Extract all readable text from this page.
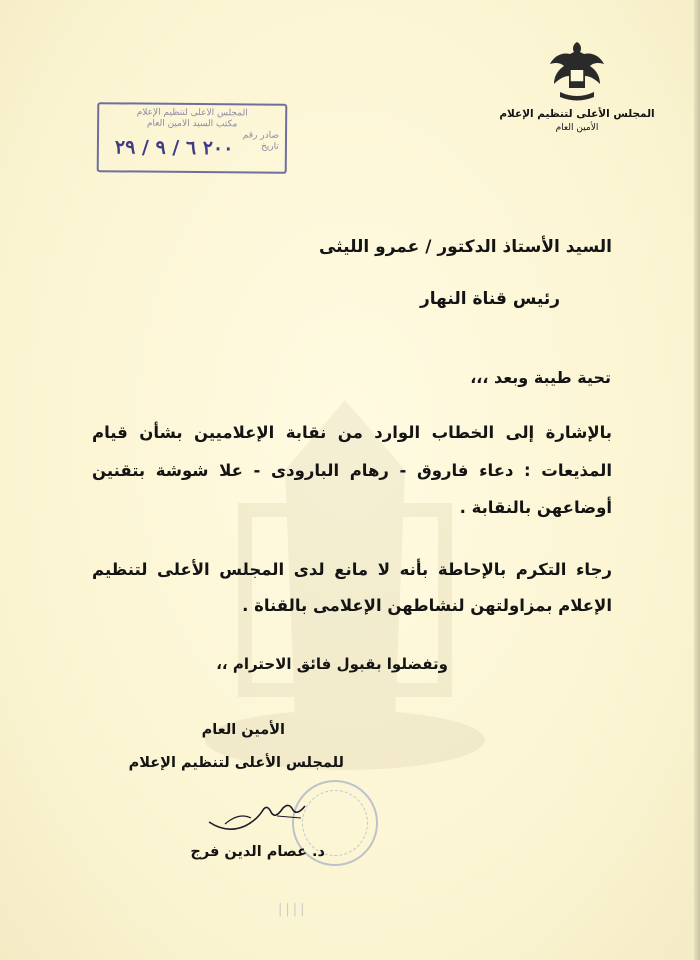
المجلس الأعلى لتنظيم الإعلام
الأمين العام
المجلس الأعلى لتنظيم الإعلام
مكتب السيد الأمين العام
صادر رقم
تاريخ
٢٠٠ ٦ / ٩ / ٢٩
السيد الأستاذ الدكتور / عمرو الليثى
رئيس قناة النهار
تحية طيبة وبعد ،،،
بالإشارة إلى الخطاب الوارد من نقابة الإعلاميين بشأن قيام المذيعات : دعاء فاروق - رهام البارودى - علا شوشة بتقنين أوضاعهن بالنقابة .
رجاء التكرم بالإحاطة بأنه لا مانع لدى المجلس الأعلى لتنظيم الإعلام بمزاولتهن لنشاطهن الإعلامى بالقناة .
وتفضلوا بقبول فائق الاحترام ،،
الأمين العام
للمجلس الأعلى لتنظيم الإعلام
د. عصام الدين فرج
||||
